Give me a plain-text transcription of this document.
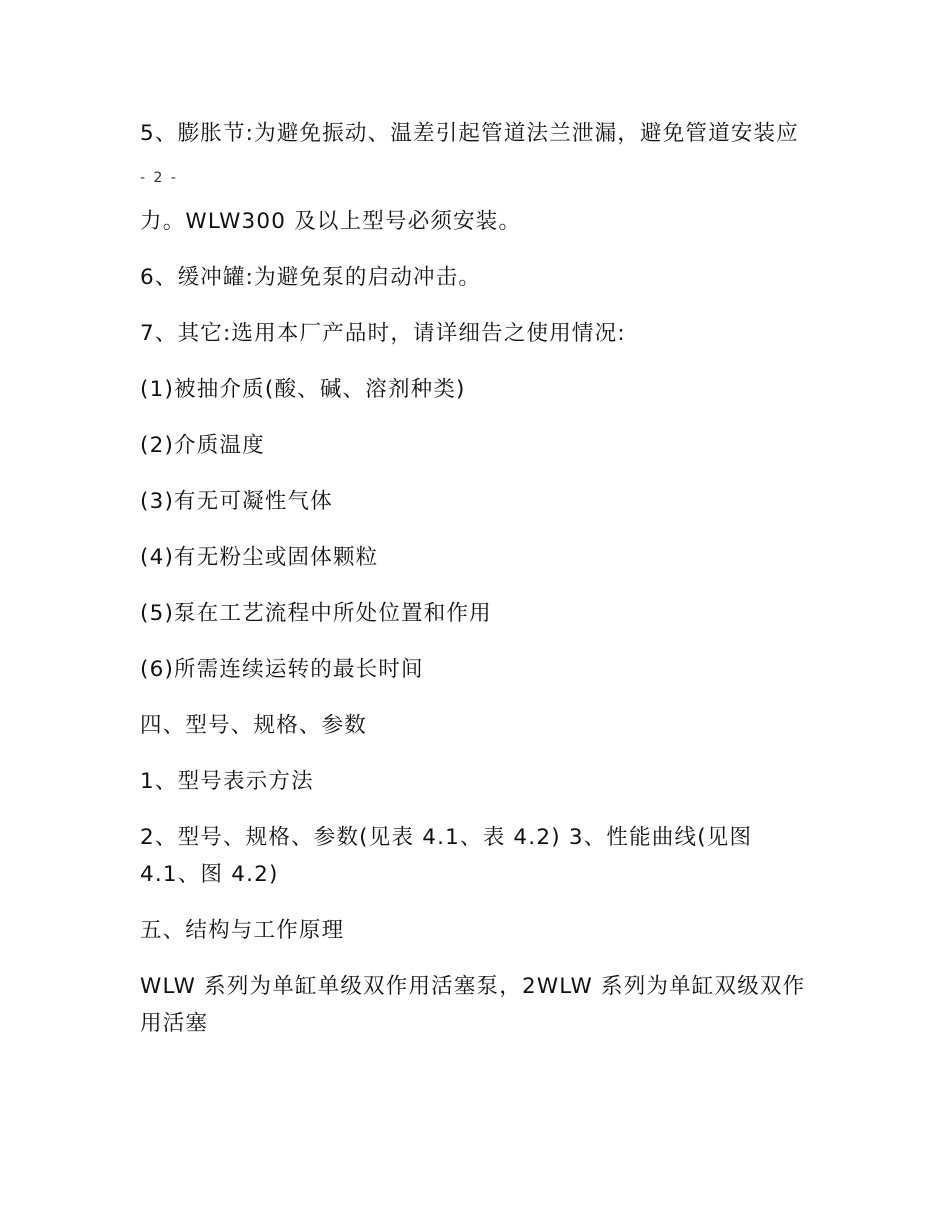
5、膨胀节:为避免振动、温差引起管道法兰泄漏，避免管道安装应

- 2 -

力。WLW300 及以上型号必须安装。

6、缓冲罐:为避免泵的启动冲击。

7、其它:选用本厂产品时，请详细告之使用情况:

(1)被抽介质(酸、碱、溶剂种类)

(2)介质温度

(3)有无可凝性气体

(4)有无粉尘或固体颗粒

(5)泵在工艺流程中所处位置和作用

(6)所需连续运转的最长时间

四、型号、规格、参数

1、型号表示方法

2、型号、规格、参数(见表 4.1、表 4.2) 3、性能曲线(见图 4.1、图 4.2)

五、结构与工作原理

WLW 系列为单缸单级双作用活塞泵，2WLW 系列为单缸双级双作用活塞
